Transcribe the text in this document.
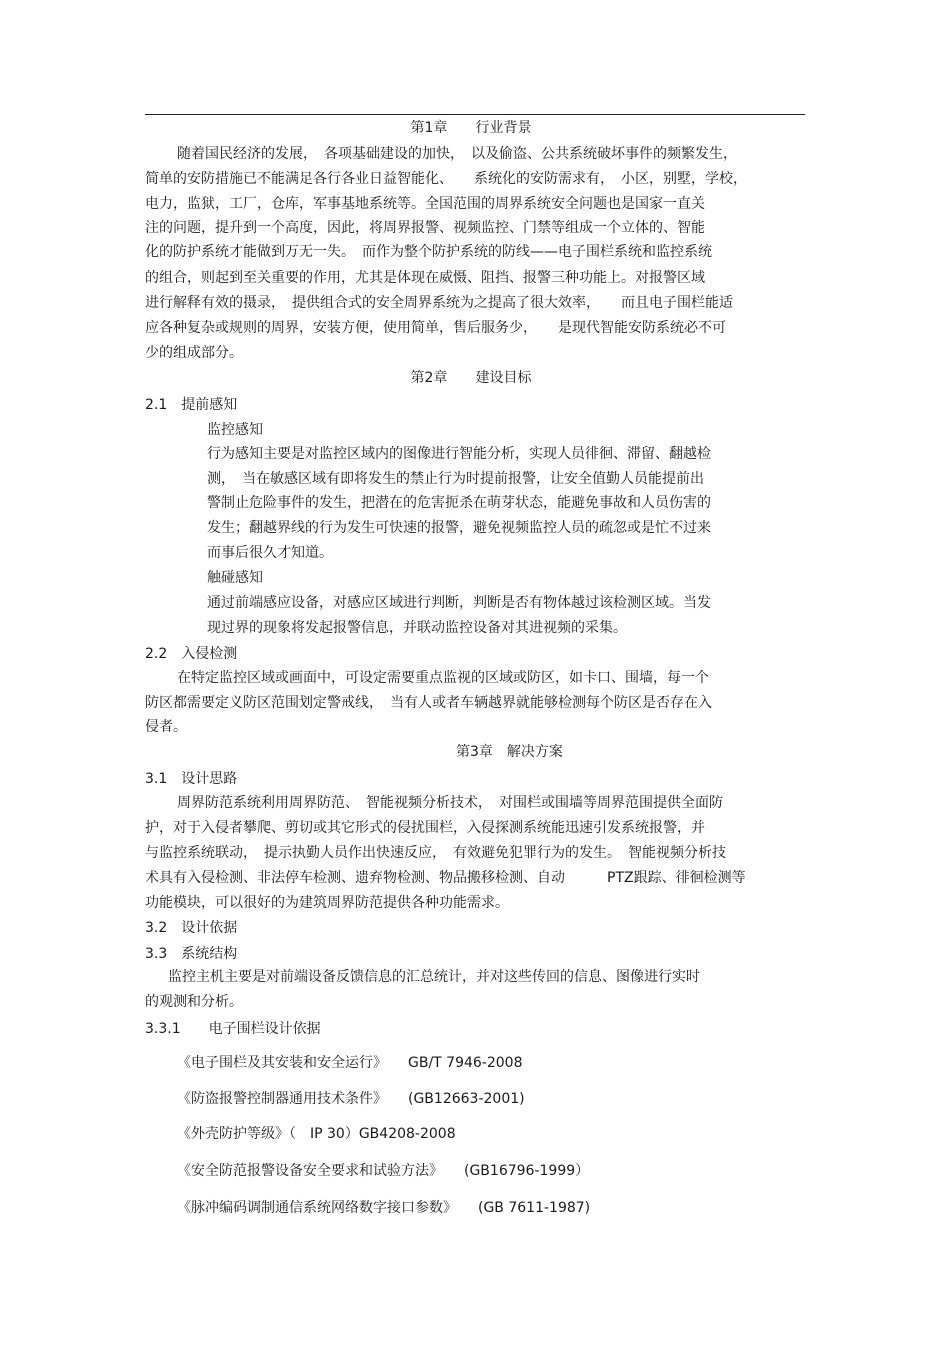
第1章　　行业背景
随着国民经济的发展，　各项基础建设的加快，　以及偷盗、公共系统破坏事件的频繁发生，
简单的安防措施已不能满足各行各业日益智能化、　　系统化的安防需求有，　小区，别墅，学校，
电力，监狱，工厂，仓库，军事基地系统等。全国范围的周界系统安全问题也是国家一直关
注的问题，提升到一个高度，因此，将周界报警、视频监控、门禁等组成一个立体的、智能
化的防护系统才能做到万无一失。　而作为整个防护系统的防线——电子围栏系统和监控系统
的组合，则起到至关重要的作用，尤其是体现在威慑、阻挡、报警三种功能上。对报警区域
进行解释有效的摄录，　提供组合式的安全周界系统为之提高了很大效率，　　而且电子围栏能适
应各种复杂或规则的周界，安装方便，使用简单，售后服务少，　　是现代智能安防系统必不可
少的组成部分。
第2章　　建设目标
2.1　提前感知
监控感知
行为感知主要是对监控区域内的图像进行智能分析，实现人员徘徊、滞留、翻越检
测，　当在敏感区域有即将发生的禁止行为时提前报警，让安全值勤人员能提前出
警制止危险事件的发生，把潜在的危害扼杀在萌芽状态，能避免事故和人员伤害的
发生；翻越界线的行为发生可快速的报警，避免视频监控人员的疏忽或是忙不过来
而事后很久才知道。
触碰感知
通过前端感应设备，对感应区域进行判断，判断是否有物体越过该检测区域。当发
现过界的现象将发起报警信息，并联动监控设备对其进视频的采集。
2.2　入侵检测
在特定监控区域或画面中，可设定需要重点监视的区域或防区，如卡口、围墙，每一个
防区都需要定义防区范围划定警戒线，　当有人或者车辆越界就能够检测每个防区是否存在入
侵者。
第3章　解决方案
3.1　设计思路
周界防范系统利用周界防范、　智能视频分析技术，　对围栏或围墙等周界范围提供全面防
护，对于入侵者攀爬、剪切或其它形式的侵扰围栏，入侵探测系统能迅速引发系统报警，并
与监控系统联动，　提示执勤人员作出快速反应，　有效避免犯罪行为的发生。　智能视频分析技
术具有入侵检测、非法停车检测、遗弃物检测、物品搬移检测、自动　　　PTZ跟踪、徘徊检测等
功能模块，可以很好的为建筑周界防范提供各种功能需求。
3.2　设计依据
3.3　系统结构
监控主机主要是对前端设备反馈信息的汇总统计，并对这些传回的信息、图像进行实时
的观测和分析。
3.3.1　　电子围栏设计依据
《电子围栏及其安装和安全运行》　　GB/T 7946-2008
《防盗报警控制器通用技术条件》　　(GB12663-2001)
《外壳防护等级》（　IP 30）GB4208-2008
《安全防范报警设备安全要求和试验方法》　　(GB16796-1999）
《脉冲编码调制通信系统网络数字接口参数》　　(GB 7611-1987)
